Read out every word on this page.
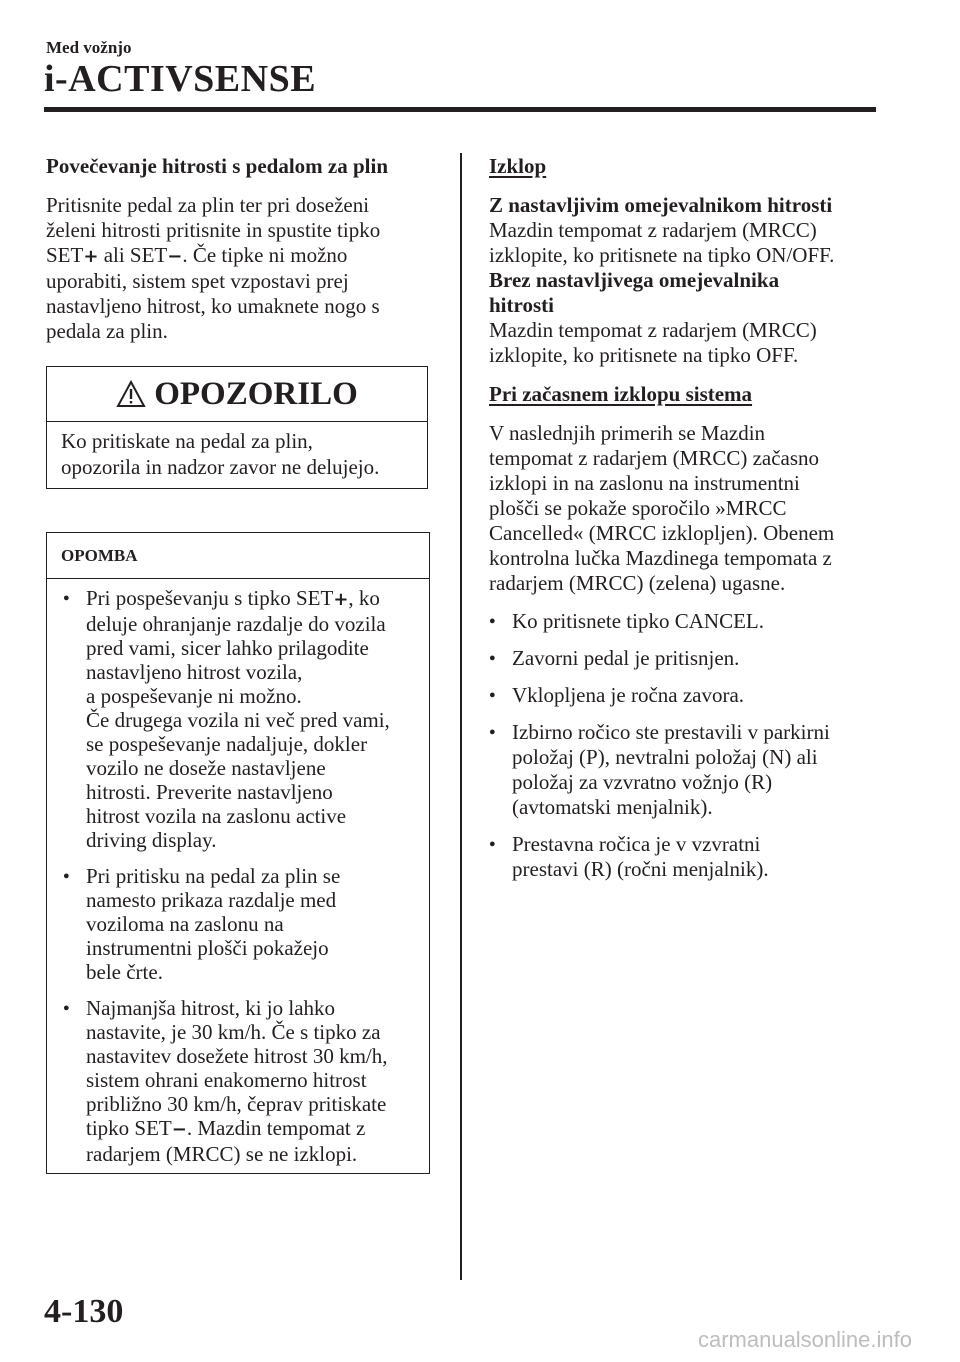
Med vožnjo
i-ACTIVSENSE

Povečevanje hitrosti s pedalom za plin

Pritisnite pedal za plin ter pri doseženi

želeni hitrosti pritisnite in spustite tipko

SET+ ali SET−. Če tipke ni možno

uporabiti, sistem spet vzpostavi prej

nastavljeno hitrost, ko umaknete nogo s

pedala za plin.

OPOZORILO

Ko pritiskate na pedal za plin,

opozorila in nadzor zavor ne delujejo.

OPOMBA

● Pri pospeševanju s tipko SET+, ko

deluje ohranjanje razdalje do vozila

pred vami, sicer lahko prilagodite

nastavljeno hitrost vozila,

a pospeševanje ni možno.

Če drugega vozila ni več pred vami,

se pospeševanje nadaljuje, dokler

vozilo ne doseže nastavljene

hitrosti. Preverite nastavljeno

hitrost vozila na zaslonu active

driving display.

● Pri pritisku na pedal za plin se

namesto prikaza razdalje med

voziloma na zaslonu na

instrumentni plošči pokažejo

bele črte.

● Najmanjša hitrost, ki jo lahko

nastavite, je 30 km/h. Če s tipko za

nastavitev dosežete hitrost 30 km/h,

sistem ohrani enakomerno hitrost

približno 30 km/h, čeprav pritiskate

tipko SET−. Mazdin tempomat z

radarjem (MRCC) se ne izklopi.

Izklop

Z nastavljivim omejevalnikom hitrosti

Mazdin tempomat z radarjem (MRCC)

izklopite, ko pritisnete na tipko ON/OFF.

Brez nastavljivega omejevalnika

hitrosti

Mazdin tempomat z radarjem (MRCC)

izklopite, ko pritisnete na tipko OFF.

Pri začasnem izklopu sistema

V naslednjih primerih se Mazdin

tempomat z radarjem (MRCC) začasno

izklopi in na zaslonu na instrumentni

plošči se pokaže sporočilo »MRCC

Cancelled« (MRCC izklopljen). Obenem

kontrolna lučka Mazdinega tempomata z

radarjem (MRCC) (zelena) ugasne.

● Ko pritisnete tipko CANCEL.

● Zavorni pedal je pritisnjen.

● Vklopljena je ročna zavora.

● Izbirno ročico ste prestavili v parkirni

položaj (P), nevtralni položaj (N) ali

položaj za vzvratno vožnjo (R)

(avtomatski menjalnik).

● Prestavna ročica je v vzvratni

prestavi (R) (ročni menjalnik).

4-130
carmanualsonline.info
